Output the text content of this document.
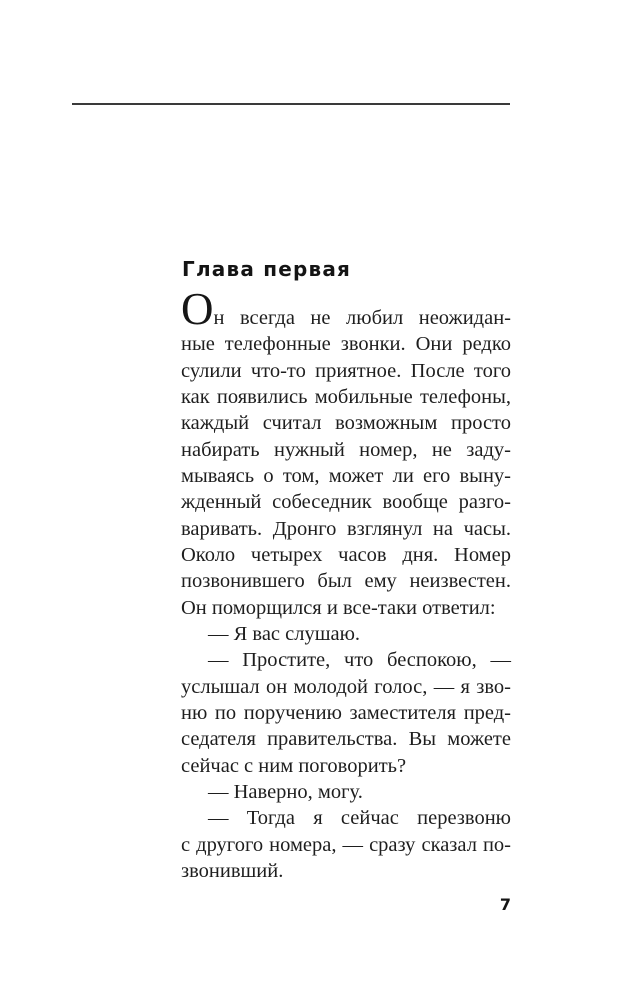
Глава первая
Он всегда не любил неожидан-
ные телефонные звонки. Они редко
сулили что-то приятное. После того
как появились мобильные телефоны,
каждый считал возможным просто
набирать нужный номер, не заду-
мываясь о том, может ли его выну-
жденный собеседник вообще разго-
варивать. Дронго взглянул на часы.
Около четырех часов дня. Номер
позвонившего был ему неизвестен.
Он поморщился и все-таки ответил:
— Я вас слушаю.
— Простите, что беспокою, —
услышал он молодой голос, — я зво-
ню по поручению заместителя пред-
седателя правительства. Вы можете
сейчас с ним поговорить?
— Наверно, могу.
— Тогда я сейчас перезвоню
с другого номера, — сразу сказал по-
звонивший.
7
